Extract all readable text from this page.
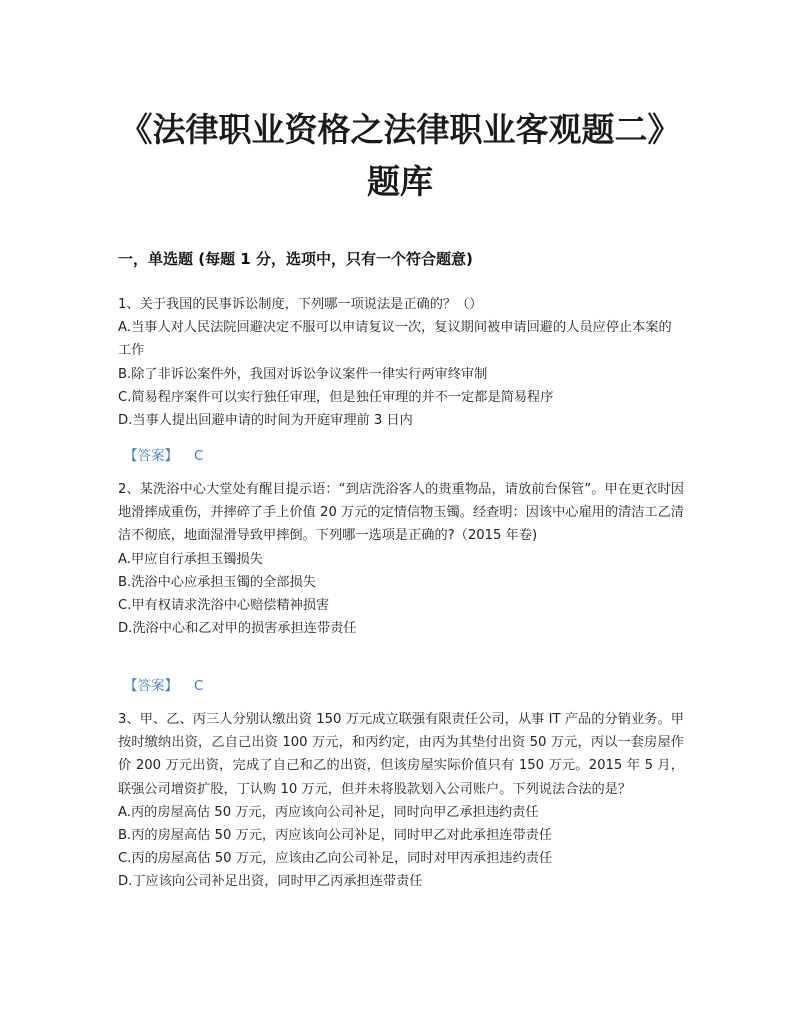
《法律职业资格之法律职业客观题二》题库
一，单选题 (每题 1 分，选项中，只有一个符合题意)
1、关于我国的民事诉讼制度，下列哪一项说法是正确的？（）
A.当事人对人民法院回避决定不服可以申请复议一次，复议期间被申请回避的人员应停止本案的工作
B.除了非诉讼案件外，我国对诉讼争议案件一律实行两审终审制
C.简易程序案件可以实行独任审理，但是独任审理的并不一定都是简易程序
D.当事人提出回避申请的时间为开庭审理前 3 日内
【答案】 C
2、某洗浴中心大堂处有醒目提示语：“到店洗浴客人的贵重物品，请放前台保管”。甲在更衣时因地滑摔成重伤，并摔碎了手上价值 20 万元的定情信物玉镯。经查明：因该中心雇用的清洁工乙清洁不彻底，地面湿滑导致甲摔倒。下列哪一选项是正确的?（2015 年卷)
A.甲应自行承担玉镯损失
B.洗浴中心应承担玉镯的全部损失
C.甲有权请求洗浴中心赔偿精神损害
D.洗浴中心和乙对甲的损害承担连带责任
【答案】 C
3、甲、乙、丙三人分别认缴出资 150 万元成立联强有限责任公司，从事 IT 产品的分销业务。甲按时缴纳出资，乙自己出资 100 万元，和丙约定，由丙为其垫付出资 50 万元，丙以一套房屋作价 200 万元出资，完成了自己和乙的出资，但该房屋实际价值只有 150 万元。2015 年 5 月，联强公司增资扩股，丁认购 10 万元，但并未将股款划入公司账户。下列说法合法的是？
A.丙的房屋高估 50 万元，丙应该向公司补足，同时向甲乙承担违约责任
B.丙的房屋高估 50 万元，丙应该向公司补足，同时甲乙对此承担连带责任
C.丙的房屋高估 50 万元，应该由乙向公司补足，同时对甲丙承担违约责任
D.丁应该向公司补足出资，同时甲乙丙承担连带责任
